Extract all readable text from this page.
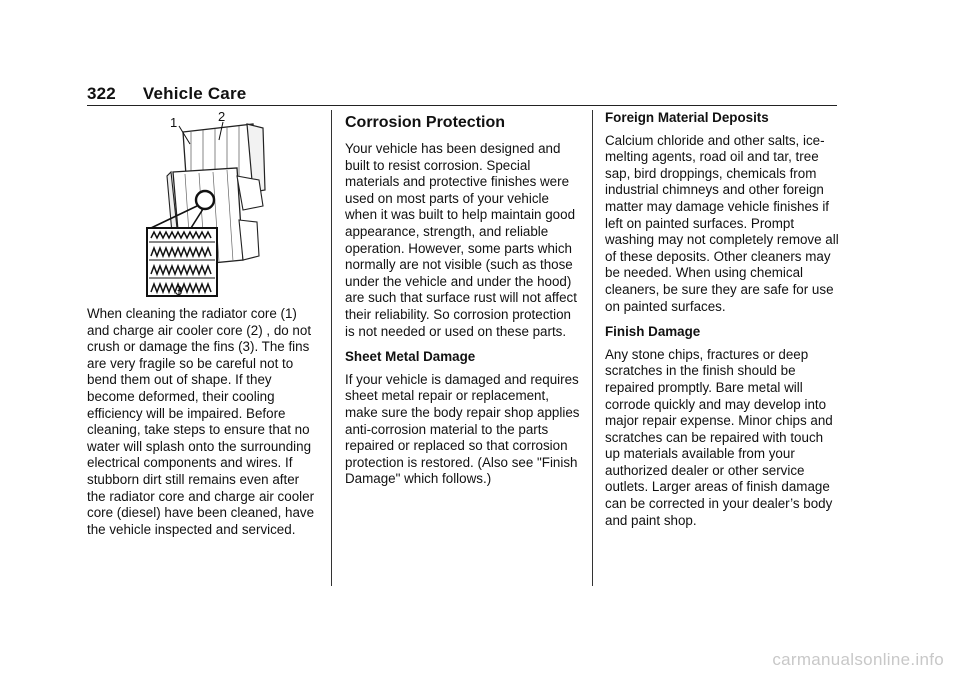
322 Vehicle Care
1	2
3

When cleaning the radiator core (1) and charge air cooler core (2) , do not crush or damage the fins (3). The fins are very fragile so be careful not to bend them out of shape. If they become deformed, their cooling efficiency will be impaired. Before cleaning, take steps to ensure that no water will splash onto the surrounding electrical components and wires. If stubborn dirt still remains even after the radiator core and charge air cooler core (diesel) have been cleaned, have the vehicle inspected and serviced.

Corrosion Protection

Your vehicle has been designed and built to resist corrosion. Special materials and protective finishes were used on most parts of your vehicle when it was built to help maintain good appearance, strength, and reliable operation. However, some parts which normally are not visible (such as those under the vehicle and under the hood) are such that surface rust will not affect their reliability. So corrosion protection is not needed or used on these parts.

Sheet Metal Damage

If your vehicle is damaged and requires sheet metal repair or replacement, make sure the body repair shop applies anti-corrosion material to the parts repaired or replaced so that corrosion protection is restored. (Also see "Finish Damage" which follows.)

Foreign Material Deposits

Calcium chloride and other salts, ice-melting agents, road oil and tar, tree sap, bird droppings, chemicals from industrial chimneys and other foreign matter may damage vehicle finishes if left on painted surfaces. Prompt washing may not completely remove all of these deposits. Other cleaners may be needed. When using chemical cleaners, be sure they are safe for use on painted surfaces.

Finish Damage

Any stone chips, fractures or deep scratches in the finish should be repaired promptly. Bare metal will corrode quickly and may develop into major repair expense. Minor chips and scratches can be repaired with touch up materials available from your authorized dealer or other service outlets. Larger areas of finish damage can be corrected in your dealer’s body and paint shop.

carmanualsonline.info
